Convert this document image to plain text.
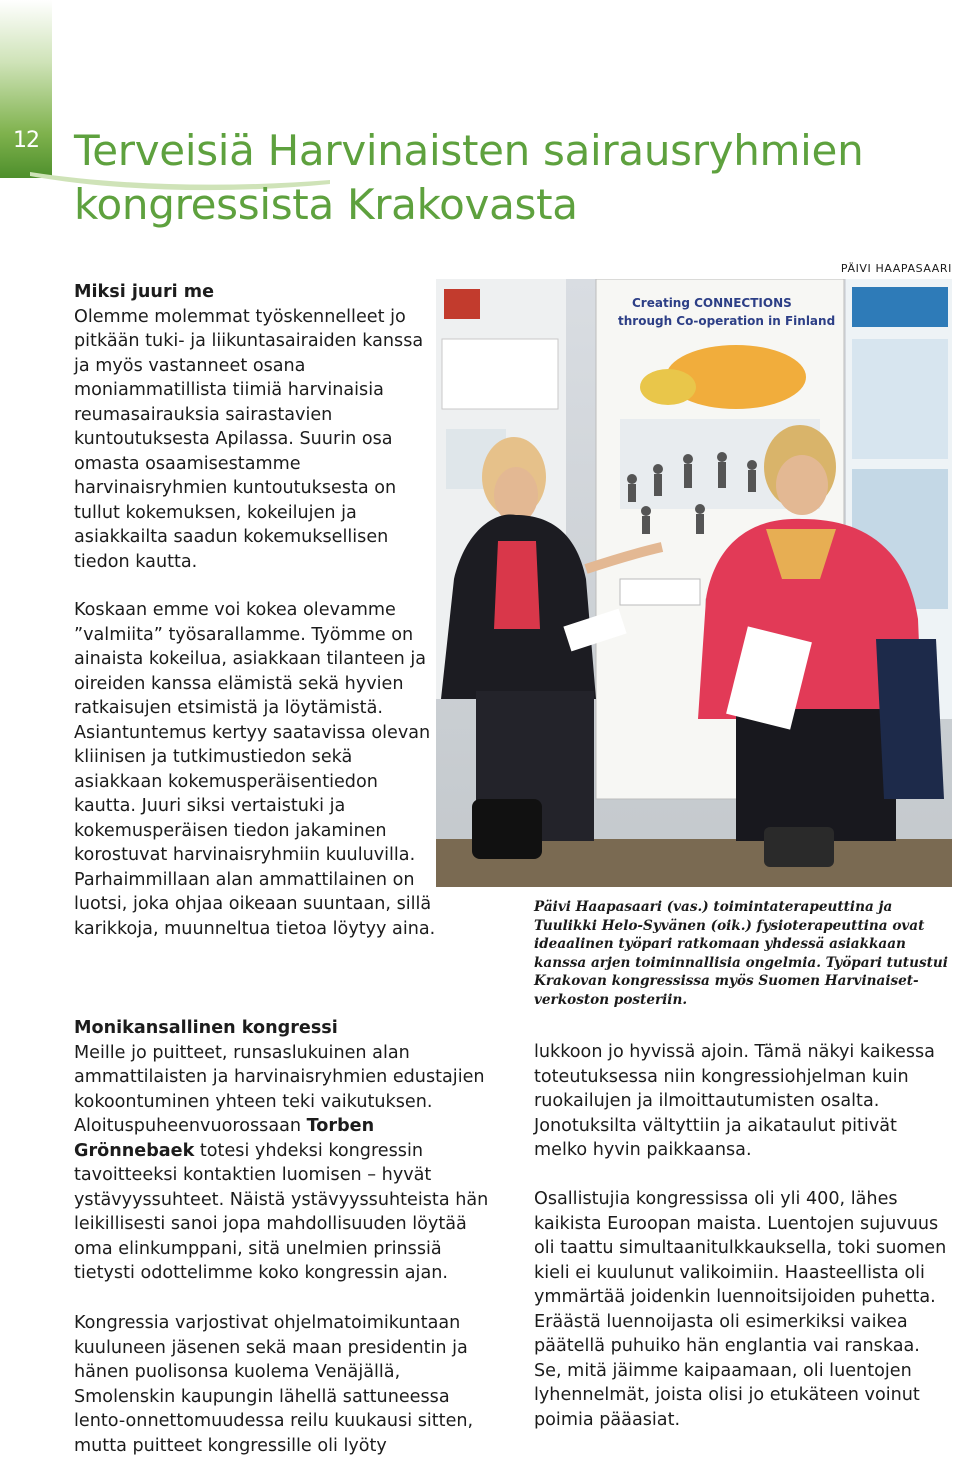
12 Terveisiä Harvinaisten sairausryhmien kongressista Krakovasta
PÄIVI HAAPASAARI
Creating CONNECTIONS
through Co-operation in Finland

Päivi Haapasaari (vas.) toimintaterapeuttina ja Tuulikki Helo-Syvänen (oik.) fysioterapeuttina ovat ideaalinen työpari ratkomaan yhdessä asiakkaan kanssa arjen toiminnallisia ongelmia. Työpari tutustui Krakovan kongressissa myös Suomen Harvinaiset-verkoston posteriin.

Miksi juuri me

Olemme molemmat työskennelleet jo pitkään tuki- ja liikuntasairaiden kanssa ja myös vastanneet osana moniammatillista tiimiä harvinaisia reumasairauksia sairastavien kuntoutuksesta Apilassa. Suurin osa omasta osaamisestamme harvinaisryhmien kuntoutuksesta on tullut kokemuksen, kokeilujen ja asiakkailta saadun kokemuksellisen tiedon kautta.

Koskaan emme voi kokea olevamme ”valmiita” työsarallamme. Työmme on ainaista kokeilua, asiakkaan tilanteen ja oireiden kanssa elämistä sekä hyvien ratkaisujen etsimistä ja löytämistä. Asiantuntemus kertyy saatavissa olevan kliinisen ja tutkimustiedon sekä asiakkaan kokemusperäisentiedon kautta. Juuri siksi vertaistuki ja kokemusperäisen tiedon jakaminen korostuvat harvinaisryhmiin kuuluvilla. Parhaimmillaan alan ammattilainen on luotsi, joka ohjaa oikeaan suuntaan, sillä karikkoja, muunneltua tietoa löytyy aina.

Monikansallinen kongressi

Meille jo puitteet, runsaslukuinen alan ammattilaisten ja harvinaisryhmien edustajien kokoontuminen yhteen teki vaikutuksen. Aloituspuheenvuorossaan Torben Grönnebaek totesi yhdeksi kongressin tavoitteeksi kontaktien luomisen – hyvät ystävyyssuhteet. Näistä ystävyyssuhteista hän leikillisesti sanoi jopa mahdollisuuden löytää oma elinkumppani, sitä unelmien prinssiä tietysti odottelimme koko kongressin ajan.

Kongressia varjostivat ohjelmatoimikuntaan kuuluneen jäsenen sekä maan presidentin ja hänen puolisonsa kuolema Venäjällä, Smolenskin kaupungin lähellä sattuneessa lento-onnettomuudessa reilu kuukausi sitten, mutta puitteet kongressille oli lyöty

lukkoon jo hyvissä ajoin. Tämä näkyi kaikessa toteutuksessa niin kongressiohjelman kuin ruokailujen ja ilmoittautumisten osalta. Jonotuksilta vältyttiin ja aikataulut pitivät melko hyvin paikkaansa.

Osallistujia kongressissa oli yli 400, lähes kaikista Euroopan maista. Luentojen sujuvuus oli taattu simultaanitulkkauksella, toki suomen kieli ei kuulunut valikoimiin. Haasteellista oli ymmärtää joidenkin luennoitsijoiden puhetta. Eräästä luennoijasta oli esimerkiksi vaikea päätellä puhuiko hän englantia vai ranskaa. Se, mitä jäimme kaipaamaan, oli luentojen lyhennelmät, joista olisi jo etukäteen voinut poimia pääasiat.
